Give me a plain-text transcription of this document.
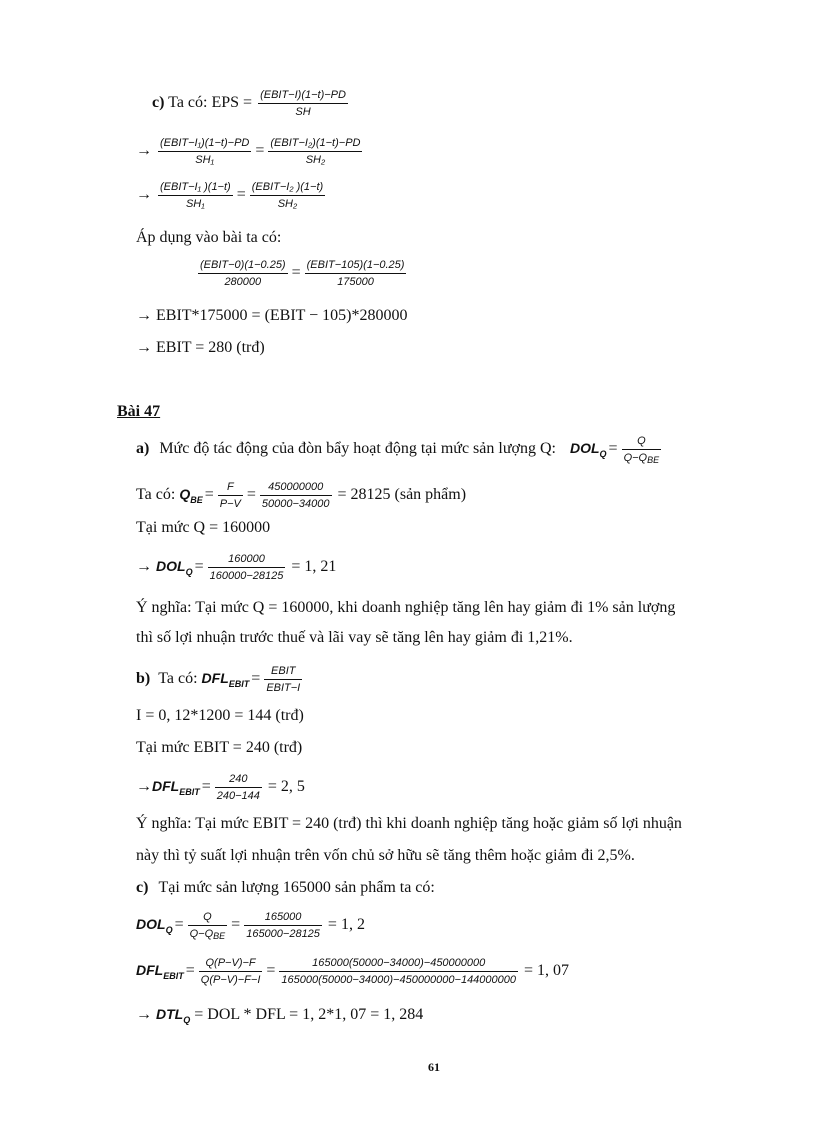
c) Ta có: EPS = $\frac{\text{(EBIT−I)(1−t)−PD}}{SH}$
→ $\frac{\text{(EBIT−I₁)(1−t)−PD}}{\text{SH₁}} = \frac{\text{(EBIT−I₂)(1−t)−PD}}{\text{SH₂}}$
→ $\frac{\text{(EBIT−I₁ )(1−t)}}{\text{SH₁}} = \frac{\text{(EBIT−I₂ )(1−t)}}{\text{SH₂}}$
Áp dụng vào bài ta có:
$\frac{\text{(EBIT−0)(1−0.25)}}{280000} = \frac{\text{(EBIT−105)(1−0.25)}}{175000}$
→ EBIT*175000 = (EBIT − 105)*280000
→ EBIT = 280 (trđ)
Bài 47
a) Mức độ tác động của đòn bẩy hoạt động tại mức sản lượng Q: $DOL_Q = \frac{Q}{\text{Q−QBE}}$
Ta có: $Q_{BE} = \frac{F}{P-V} = \frac{450000000}{50000-34000} = 28125$ (sản phẩm)
Tại mức Q = 160000
→ $DOL_Q = \frac{160000}{160000-28125} = 1$, 21
Ý nghĩa: Tại mức Q = 160000, khi doanh nghiệp tăng lên hay giảm đi 1% sản lượng
thì số lợi nhuận trước thuế và lãi vay sẽ tăng lên hay giảm đi 1,21%.
b) Ta có: $DFL_{EBIT} = \frac{\text{EBIT}}{\text{EBIT−I}}$
I = 0, 12*1200 = 144 (trđ)
Tại mức EBIT = 240 (trđ)
$\to DFL_{EBIT} = \frac{240}{240-144} = 2$, 5
Ý nghĩa: Tại mức EBIT = 240 (trđ) thì khi doanh nghiệp tăng hoặc giảm số lợi nhuận
này thì tỷ suất lợi nhuận trên vốn chủ sở hữu sẽ tăng thêm hoặc giảm đi 2,5%.
c) Tại mức sản lượng 165000 sản phẩm ta có:
$DOL_Q = \frac{Q}{\text{Q−QBE}} = \frac{165000}{165000-28125} = 1$, 2
$DFL_{EBIT} = \frac{Q(P-V)-F}{Q(P-V)-F-I} = \frac{165000(50000-34000)-450000000}{165000(50000-34000)-450000000-144000000} = 1$, 07
→ $DTL_Q$ = DOL * DFL = 1, 2*1, 07 = 1, 284
61
